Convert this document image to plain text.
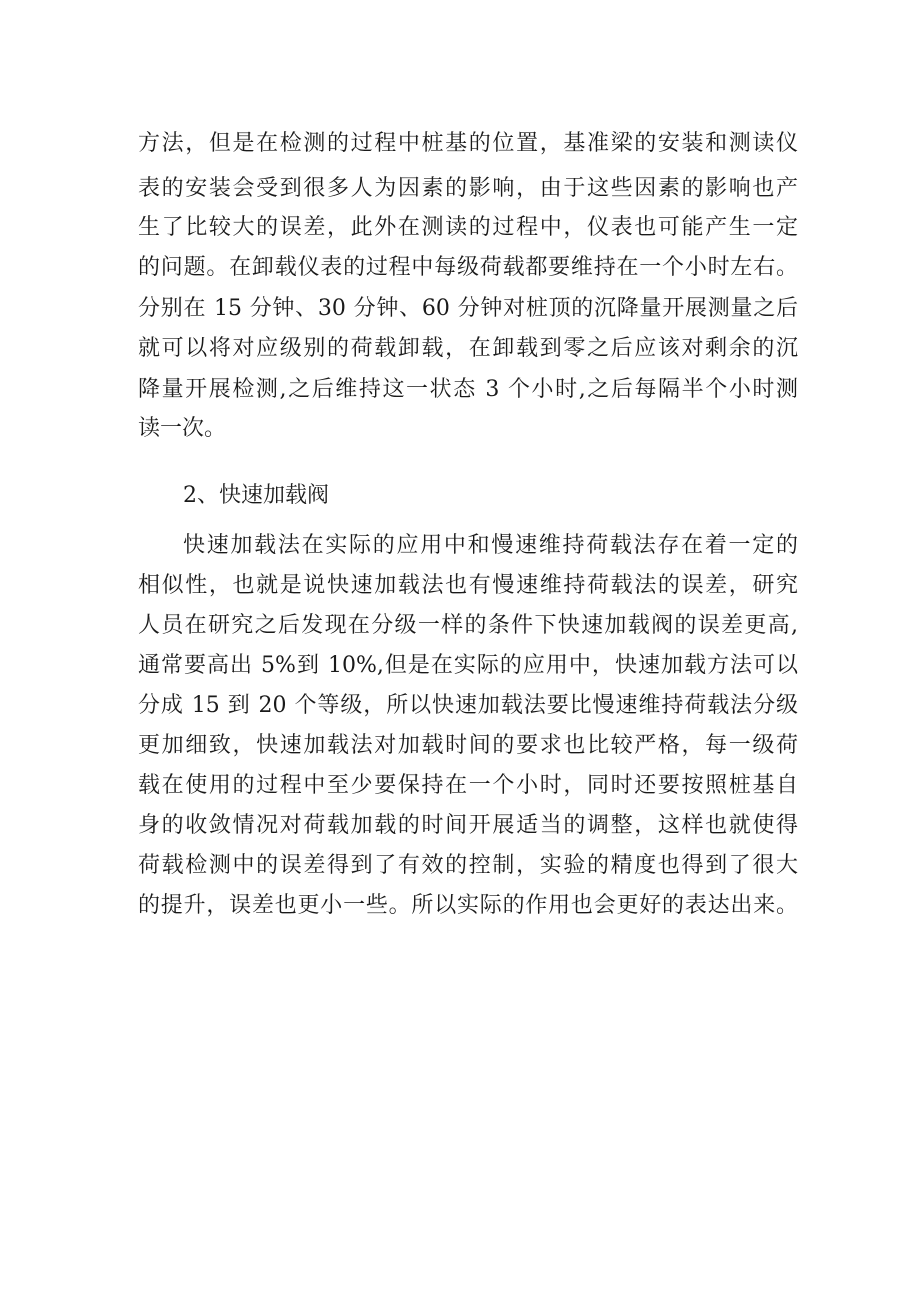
方法，但是在检测的过程中桩基的位置，基准梁的安装和测读仪
表的安装会受到很多人为因素的影响，由于这些因素的影响也产
生了比较大的误差，此外在测读的过程中，仪表也可能产生一定
的问题。在卸载仪表的过程中每级荷载都要维持在一个小时左右。
分别在 15 分钟、30 分钟、60 分钟对桩顶的沉降量开展测量之后
就可以将对应级别的荷载卸载，在卸载到零之后应该对剩余的沉
降量开展检测,之后维持这一状态 3 个小时,之后每隔半个小时测
读一次。
2、快速加载阀
快速加载法在实际的应用中和慢速维持荷载法存在着一定的
相似性，也就是说快速加载法也有慢速维持荷载法的误差，研究
人员在研究之后发现在分级一样的条件下快速加载阀的误差更高,
通常要高出 5%到 10%,但是在实际的应用中，快速加载方法可以
分成 15 到 20 个等级，所以快速加载法要比慢速维持荷载法分级
更加细致，快速加载法对加载时间的要求也比较严格，每一级荷
载在使用的过程中至少要保持在一个小时，同时还要按照桩基自
身的收敛情况对荷载加载的时间开展适当的调整，这样也就使得
荷载检测中的误差得到了有效的控制，实验的精度也得到了很大
的提升，误差也更小一些。所以实际的作用也会更好的表达出来。
